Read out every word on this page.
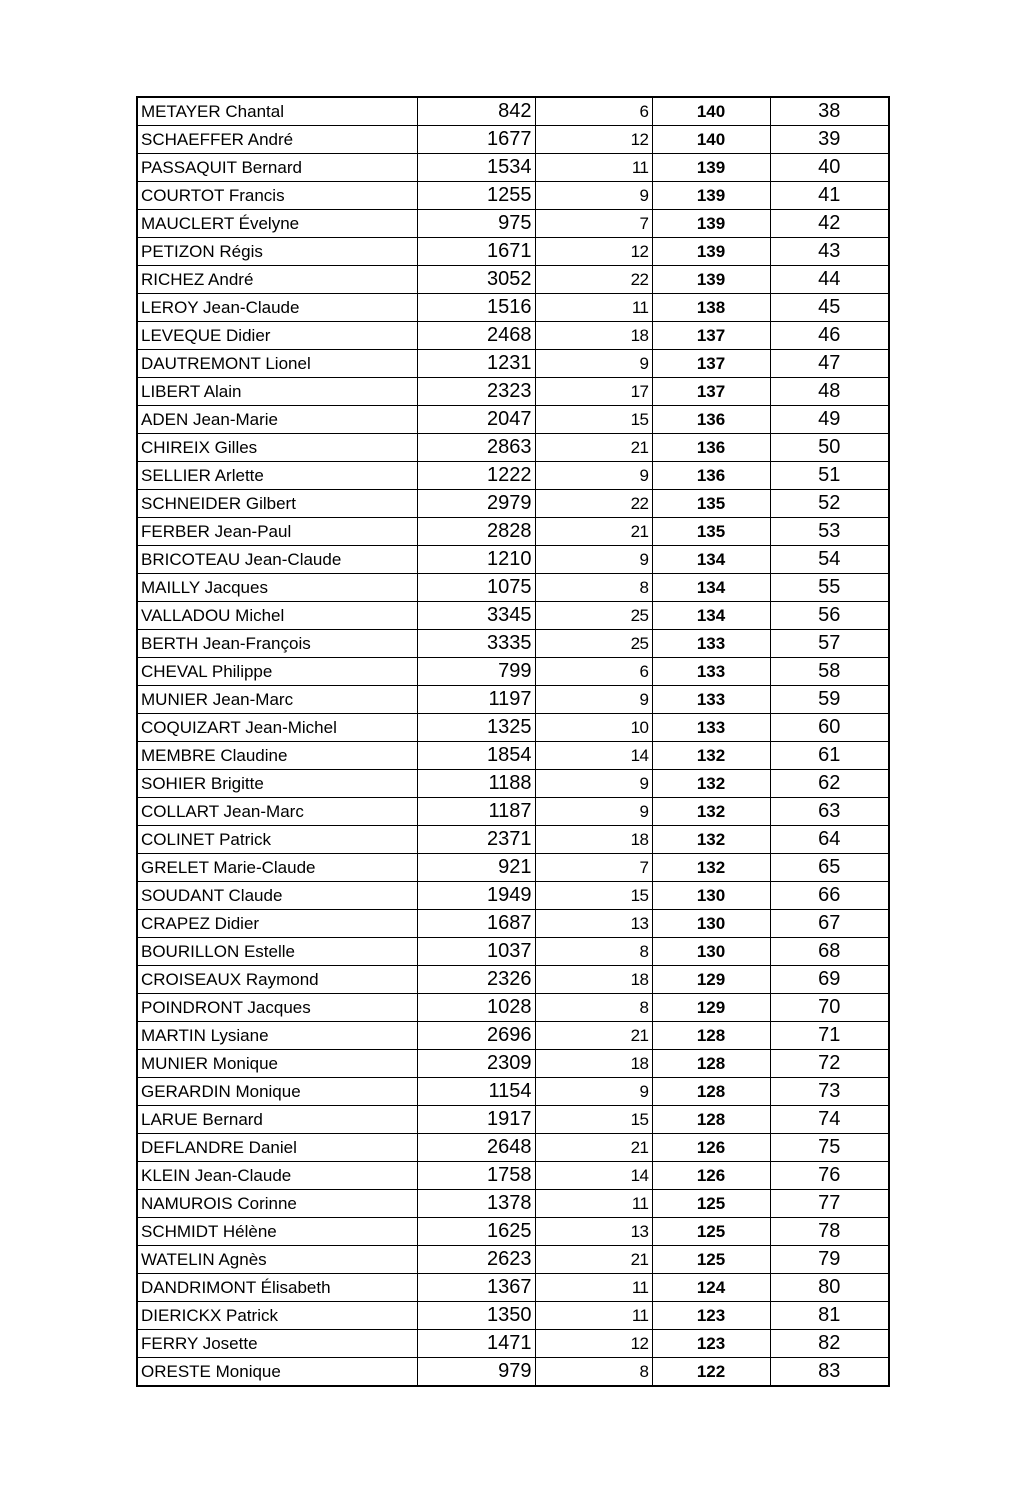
METAYER Chantal	842	6	140	38
SCHAEFFER André	1677	12	140	39
PASSAQUIT Bernard	1534	11	139	40
COURTOT Francis	1255	9	139	41
MAUCLERT Évelyne	975	7	139	42
PETIZON Régis	1671	12	139	43
RICHEZ André	3052	22	139	44
LEROY Jean-Claude	1516	11	138	45
LEVEQUE Didier	2468	18	137	46
DAUTREMONT Lionel	1231	9	137	47
LIBERT Alain	2323	17	137	48
ADEN Jean-Marie	2047	15	136	49
CHIREIX Gilles	2863	21	136	50
SELLIER Arlette	1222	9	136	51
SCHNEIDER Gilbert	2979	22	135	52
FERBER Jean-Paul	2828	21	135	53
BRICOTEAU Jean-Claude	1210	9	134	54
MAILLY Jacques	1075	8	134	55
VALLADOU Michel	3345	25	134	56
BERTH Jean-François	3335	25	133	57
CHEVAL Philippe	799	6	133	58
MUNIER Jean-Marc	1197	9	133	59
COQUIZART Jean-Michel	1325	10	133	60
MEMBRE Claudine	1854	14	132	61
SOHIER Brigitte	1188	9	132	62
COLLART Jean-Marc	1187	9	132	63
COLINET Patrick	2371	18	132	64
GRELET Marie-Claude	921	7	132	65
SOUDANT Claude	1949	15	130	66
CRAPEZ Didier	1687	13	130	67
BOURILLON Estelle	1037	8	130	68
CROISEAUX Raymond	2326	18	129	69
POINDRONT Jacques	1028	8	129	70
MARTIN Lysiane	2696	21	128	71
MUNIER Monique	2309	18	128	72
GERARDIN Monique	1154	9	128	73
LARUE Bernard	1917	15	128	74
DEFLANDRE Daniel	2648	21	126	75
KLEIN Jean-Claude	1758	14	126	76
NAMUROIS Corinne	1378	11	125	77
SCHMIDT Hélène	1625	13	125	78
WATELIN Agnès	2623	21	125	79
DANDRIMONT Élisabeth	1367	11	124	80
DIERICKX Patrick	1350	11	123	81
FERRY Josette	1471	12	123	82
ORESTE Monique	979	8	122	83
